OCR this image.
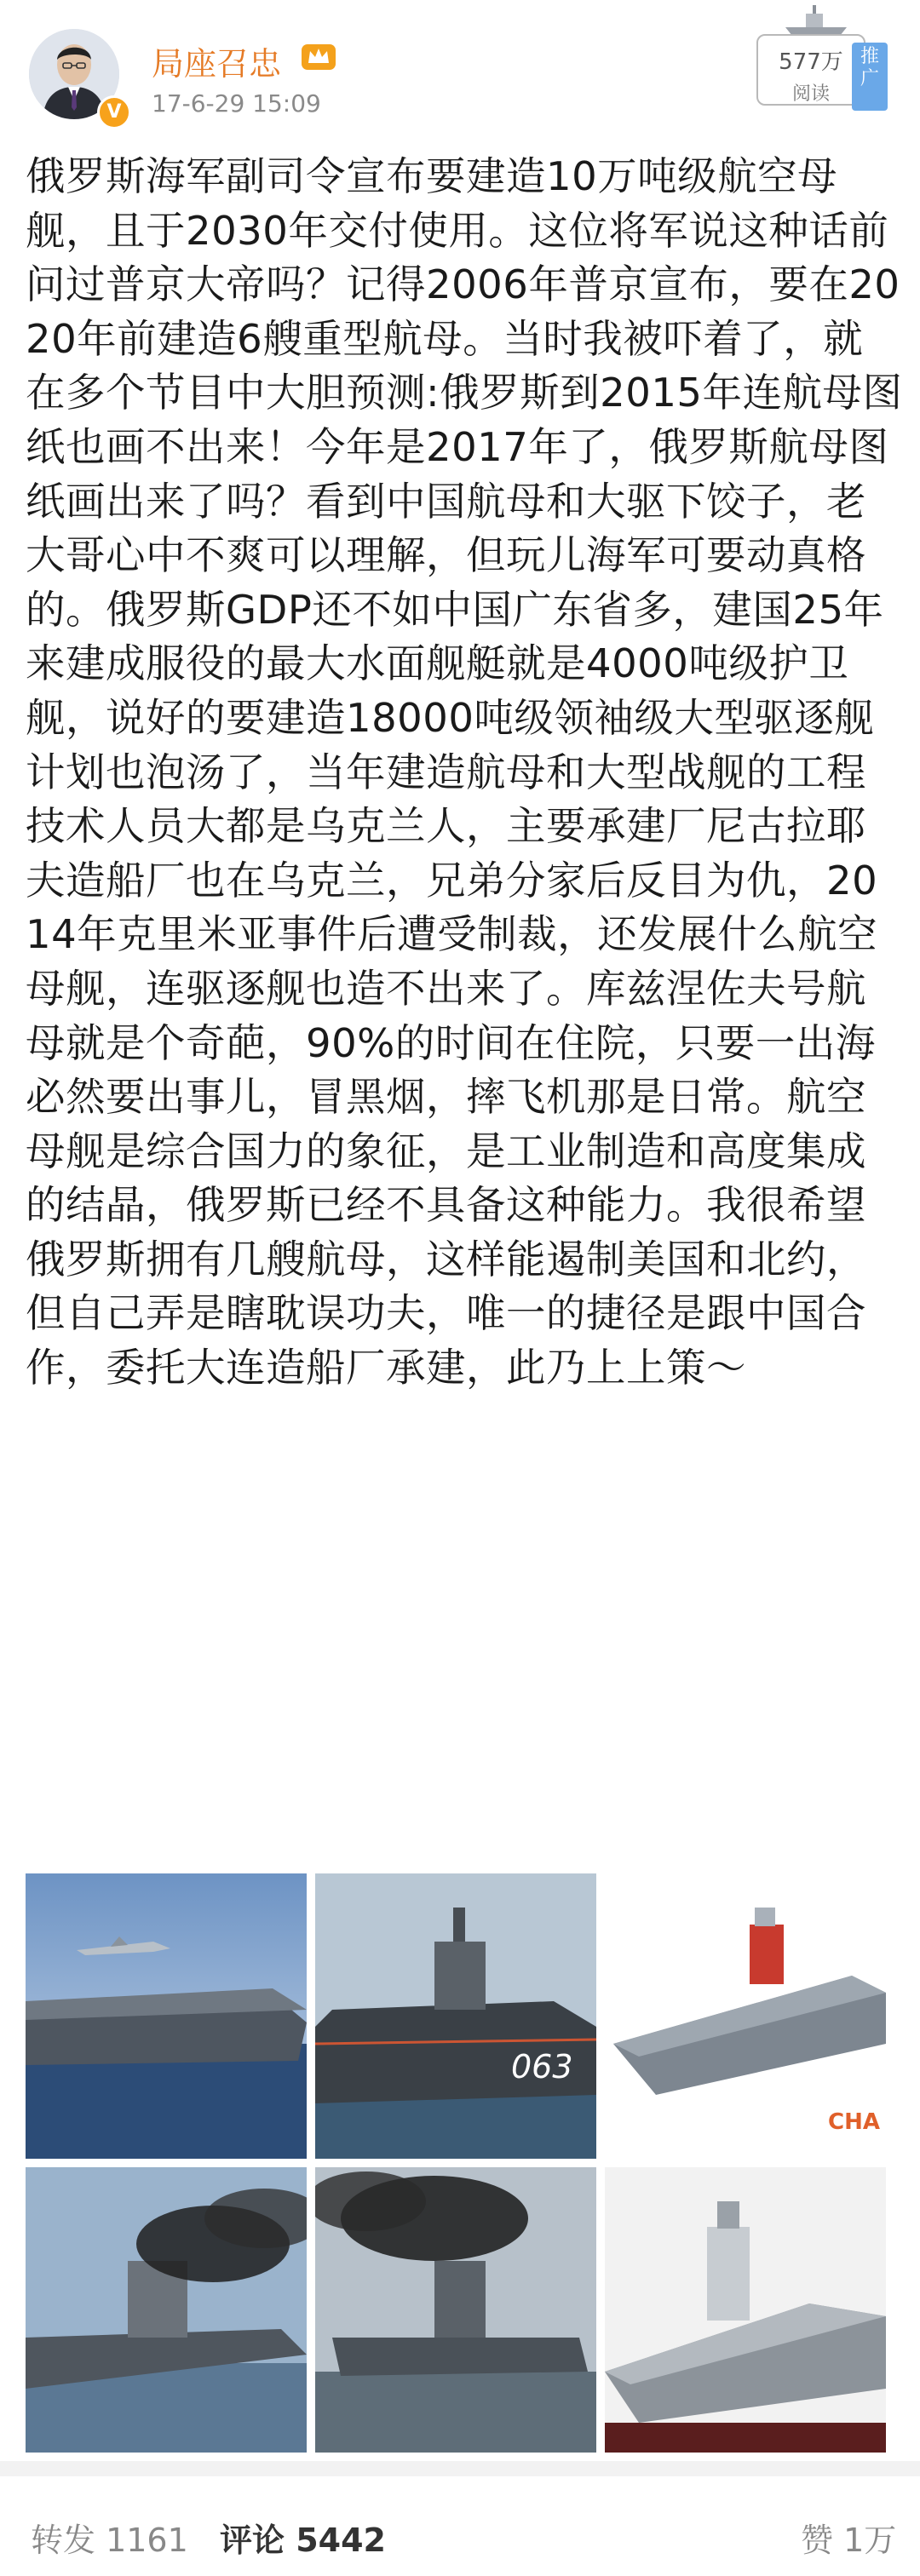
V
局座召忠
17-6-29 15:09
577万
阅读
推广
俄罗斯海军副司令宣布要建造10万吨级航空母舰，且于2030年交付使用。这位将军说这种话前问过普京大帝吗？记得2006年普京宣布，要在2020年前建造6艘重型航母。当时我被吓着了，就在多个节目中大胆预测:俄罗斯到2015年连航母图纸也画不出来！今年是2017年了，俄罗斯航母图纸画出来了吗？看到中国航母和大驱下饺子，老大哥心中不爽可以理解，但玩儿海军可要动真格的。俄罗斯GDP还不如中国广东省多，建国25年来建成服役的最大水面舰艇就是4000吨级护卫舰，说好的要建造18000吨级领袖级大型驱逐舰计划也泡汤了，当年建造航母和大型战舰的工程技术人员大都是乌克兰人，主要承建厂尼古拉耶夫造船厂也在乌克兰，兄弟分家后反目为仇，2014年克里米亚事件后遭受制裁，还发展什么航空母舰，连驱逐舰也造不出来了。库兹涅佐夫号航母就是个奇葩，90%的时间在住院，只要一出海必然要出事儿，冒黑烟，摔飞机那是日常。航空母舰是综合国力的象征，是工业制造和高度集成的结晶，俄罗斯已经不具备这种能力。我很希望俄罗斯拥有几艘航母，这样能遏制美国和北约，但自己弄是瞎耽误功夫，唯一的捷径是跟中国合作，委托大连造船厂承建，此乃上上策～
063
CHA
转发 1161 评论 5442	赞 1万
